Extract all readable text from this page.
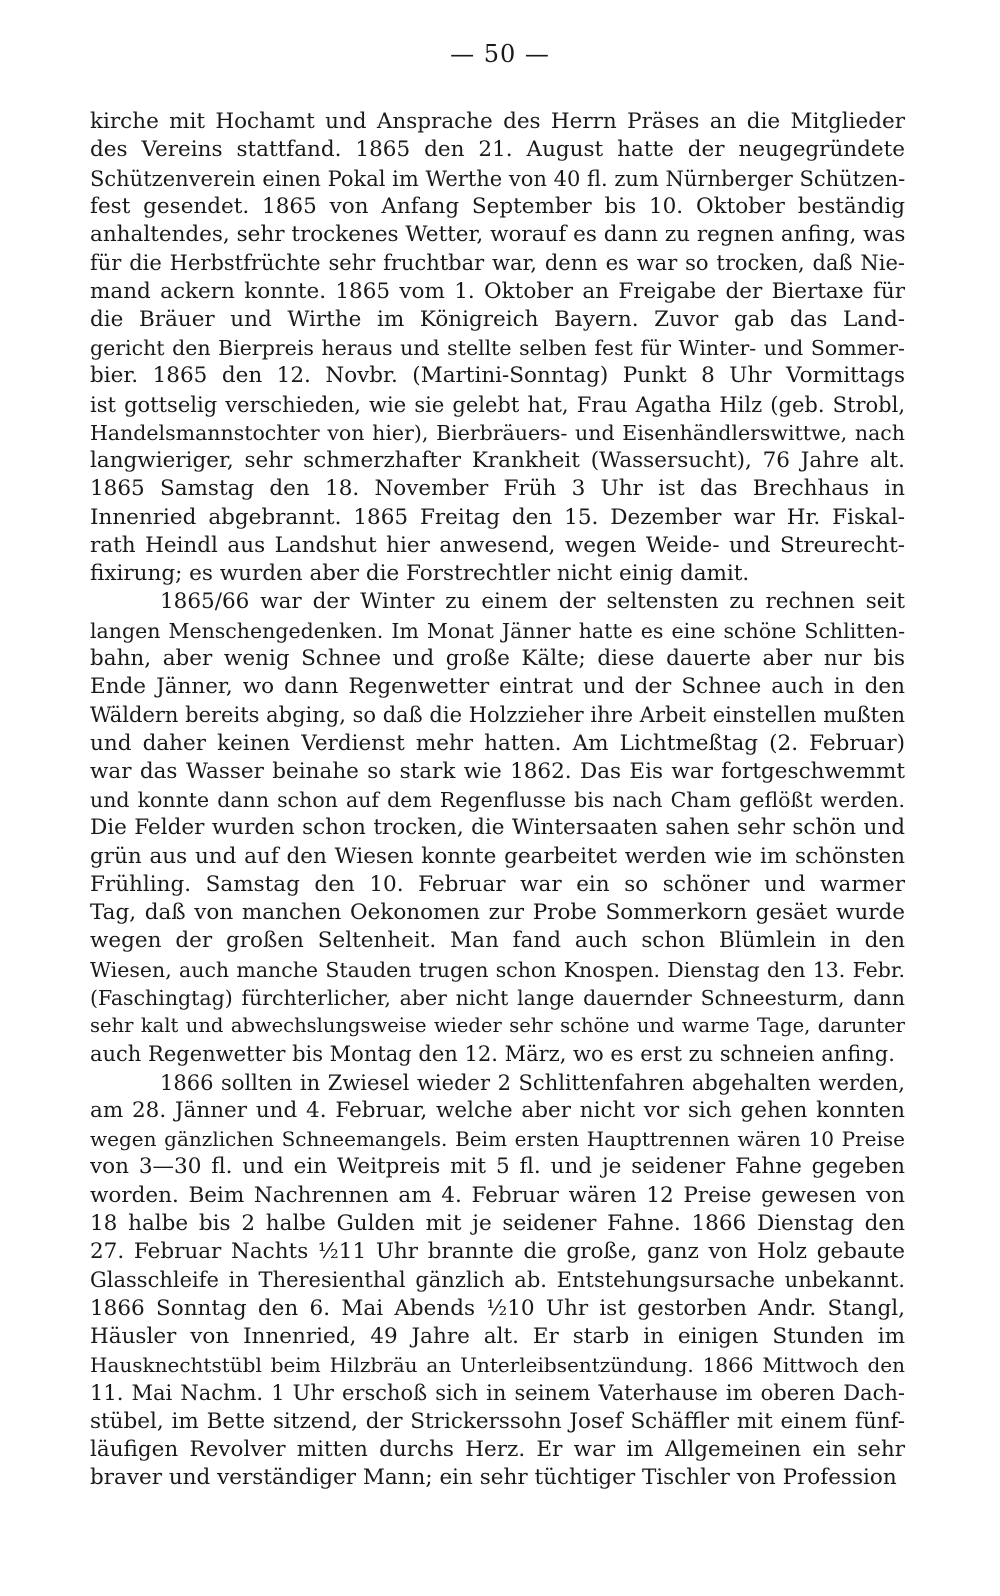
— 50 —
kirche mit Hochamt und Ansprache des Herrn Präses an die Mitglieder
des Vereins stattfand. 1865 den 21. August hatte der neugegründete
Schützenverein einen Pokal im Werthe von 40 fl. zum Nürnberger Schützen-
fest gesendet. 1865 von Anfang September bis 10. Oktober beständig
anhaltendes, sehr trockenes Wetter, worauf es dann zu regnen anfing, was
für die Herbstfrüchte sehr fruchtbar war, denn es war so trocken, daß Nie-
mand ackern konnte. 1865 vom 1. Oktober an Freigabe der Biertaxe für
die Bräuer und Wirthe im Königreich Bayern. Zuvor gab das Land-
gericht den Bierpreis heraus und stellte selben fest für Winter- und Sommer-
bier. 1865 den 12. Novbr. (Martini-Sonntag) Punkt 8 Uhr Vormittags
ist gottselig verschieden, wie sie gelebt hat, Frau Agatha Hilz (geb. Strobl,
Handelsmannstochter von hier), Bierbräuers- und Eisenhändlerswittwe, nach
langwieriger, sehr schmerzhafter Krankheit (Wassersucht), 76 Jahre alt.
1865 Samstag den 18. November Früh 3 Uhr ist das Brechhaus in
Innenried abgebrannt. 1865 Freitag den 15. Dezember war Hr. Fiskal-
rath Heindl aus Landshut hier anwesend, wegen Weide- und Streurecht-
fixirung; es wurden aber die Forstrechtler nicht einig damit.
1865/66 war der Winter zu einem der seltensten zu rechnen seit
langen Menschengedenken. Im Monat Jänner hatte es eine schöne Schlitten-
bahn, aber wenig Schnee und große Kälte; diese dauerte aber nur bis
Ende Jänner, wo dann Regenwetter eintrat und der Schnee auch in den
Wäldern bereits abging, so daß die Holzzieher ihre Arbeit einstellen mußten
und daher keinen Verdienst mehr hatten. Am Lichtmeßtag (2. Februar)
war das Wasser beinahe so stark wie 1862. Das Eis war fortgeschwemmt
und konnte dann schon auf dem Regenflusse bis nach Cham geflößt werden.
Die Felder wurden schon trocken, die Wintersaaten sahen sehr schön und
grün aus und auf den Wiesen konnte gearbeitet werden wie im schönsten
Frühling. Samstag den 10. Februar war ein so schöner und warmer
Tag, daß von manchen Oekonomen zur Probe Sommerkorn gesäet wurde
wegen der großen Seltenheit. Man fand auch schon Blümlein in den
Wiesen, auch manche Stauden trugen schon Knospen. Dienstag den 13. Febr.
(Faschingtag) fürchterlicher, aber nicht lange dauernder Schneesturm, dann
sehr kalt und abwechslungsweise wieder sehr schöne und warme Tage, darunter
auch Regenwetter bis Montag den 12. März, wo es erst zu schneien anfing.
1866 sollten in Zwiesel wieder 2 Schlittenfahren abgehalten werden,
am 28. Jänner und 4. Februar, welche aber nicht vor sich gehen konnten
wegen gänzlichen Schneemangels. Beim ersten Haupttrennen wären 10 Preise
von 3—30 fl. und ein Weitpreis mit 5 fl. und je seidener Fahne gegeben
worden. Beim Nachrennen am 4. Februar wären 12 Preise gewesen von
18 halbe bis 2 halbe Gulden mit je seidener Fahne. 1866 Dienstag den
27. Februar Nachts ½11 Uhr brannte die große, ganz von Holz gebaute
Glasschleife in Theresienthal gänzlich ab. Entstehungsursache unbekannt.
1866 Sonntag den 6. Mai Abends ½10 Uhr ist gestorben Andr. Stangl,
Häusler von Innenried, 49 Jahre alt. Er starb in einigen Stunden im
Hausknechtstübl beim Hilzbräu an Unterleibsentzündung. 1866 Mittwoch den
11. Mai Nachm. 1 Uhr erschoß sich in seinem Vaterhause im oberen Dach-
stübel, im Bette sitzend, der Strickerssohn Josef Schäffler mit einem fünf-
läufigen Revolver mitten durchs Herz. Er war im Allgemeinen ein sehr
braver und verständiger Mann; ein sehr tüchtiger Tischler von Profession
